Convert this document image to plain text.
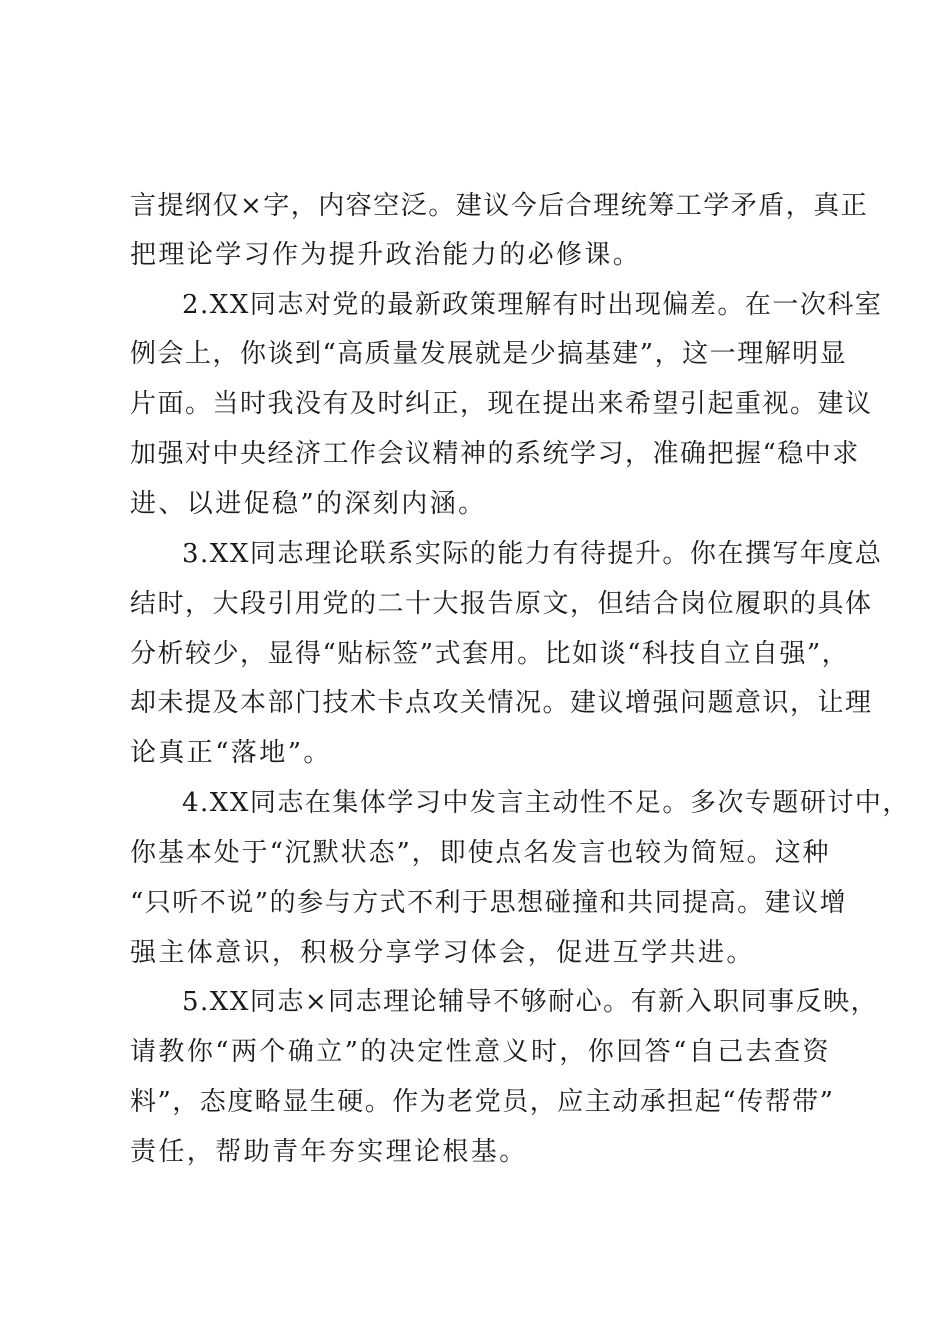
言提纲仅×字，内容空泛。建议今后合理统筹工学矛盾，真正
把理论学习作为提升政治能力的必修课。
2.XX同志对党的最新政策理解有时出现偏差。在一次科室
例会上，你谈到“高质量发展就是少搞基建”，这一理解明显
片面。当时我没有及时纠正，现在提出来希望引起重视。建议
加强对中央经济工作会议精神的系统学习，准确把握“稳中求
进、以进促稳”的深刻内涵。
3.XX同志理论联系实际的能力有待提升。你在撰写年度总
结时，大段引用党的二十大报告原文，但结合岗位履职的具体
分析较少，显得“贴标签”式套用。比如谈“科技自立自强”，
却未提及本部门技术卡点攻关情况。建议增强问题意识，让理
论真正“落地”。
4.XX同志在集体学习中发言主动性不足。多次专题研讨中，
你基本处于“沉默状态”，即使点名发言也较为简短。这种
“只听不说”的参与方式不利于思想碰撞和共同提高。建议增
强主体意识，积极分享学习体会，促进互学共进。
5.XX同志×同志理论辅导不够耐心。有新入职同事反映，
请教你“两个确立”的决定性意义时，你回答“自己去查资
料”，态度略显生硬。作为老党员，应主动承担起“传帮带”
责任，帮助青年夯实理论根基。
